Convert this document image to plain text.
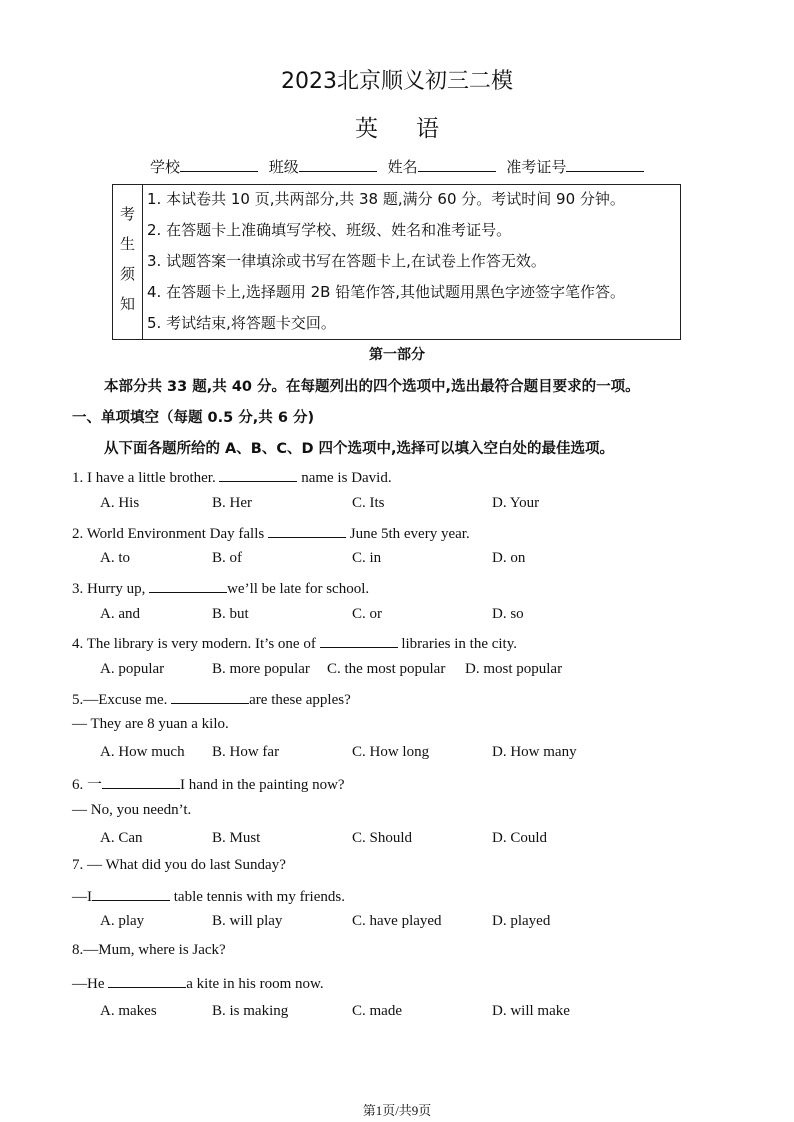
2023北京顺义初三二模
英语
学校	班级	姓名	准考证号
考
生
须
知
1. 本试卷共 10 页,共两部分,共 38 题,满分 60 分。考试时间 90 分钟。
2. 在答题卡上准确填写学校、班级、姓名和准考证号。
3. 试题答案一律填涂或书写在答题卡上,在试卷上作答无效。
4. 在答题卡上,选择题用 2B 铅笔作答,其他试题用黑色字迹签字笔作答。
5. 考试结束,将答题卡交回。
第一部分
本部分共 33 题,共 40 分。在每题列出的四个选项中,选出最符合题目要求的一项。
一、单项填空（每题 0.5 分,共 6 分)
从下面各题所给的 A、B、C、D 四个选项中,选择可以填入空白处的最佳选项。
1. I have a little brother.	name is David.
A. His	B. Her	C. Its	D. Your
2. World Environment Day falls	June 5th every year.
A. to	B. of	C. in	D. on
3. Hurry up,	we’ll be late for school.
A. and	B. but	C. or	D. so
4. The library is very modern. It’s one of	libraries in the city.
A. popular	B. more popular C. the most popular D. most popular
5.—Excuse me.	are these apples?
— They are 8 yuan a kilo.
A. How much B. How far	C. How long	D. How many
6. 一	I hand in the painting now?
— No, you needn’t.
A. Can	B. Must	C. Should	D. Could
7. — What did you do last Sunday?
—I	table tennis with my friends.
A. play	B. will play	C. have played	D. played
8.—Mum, where is Jack?
—He	a kite in his room now.
A. makes	B. is making	C. made	D. will make
第1页/共9页
